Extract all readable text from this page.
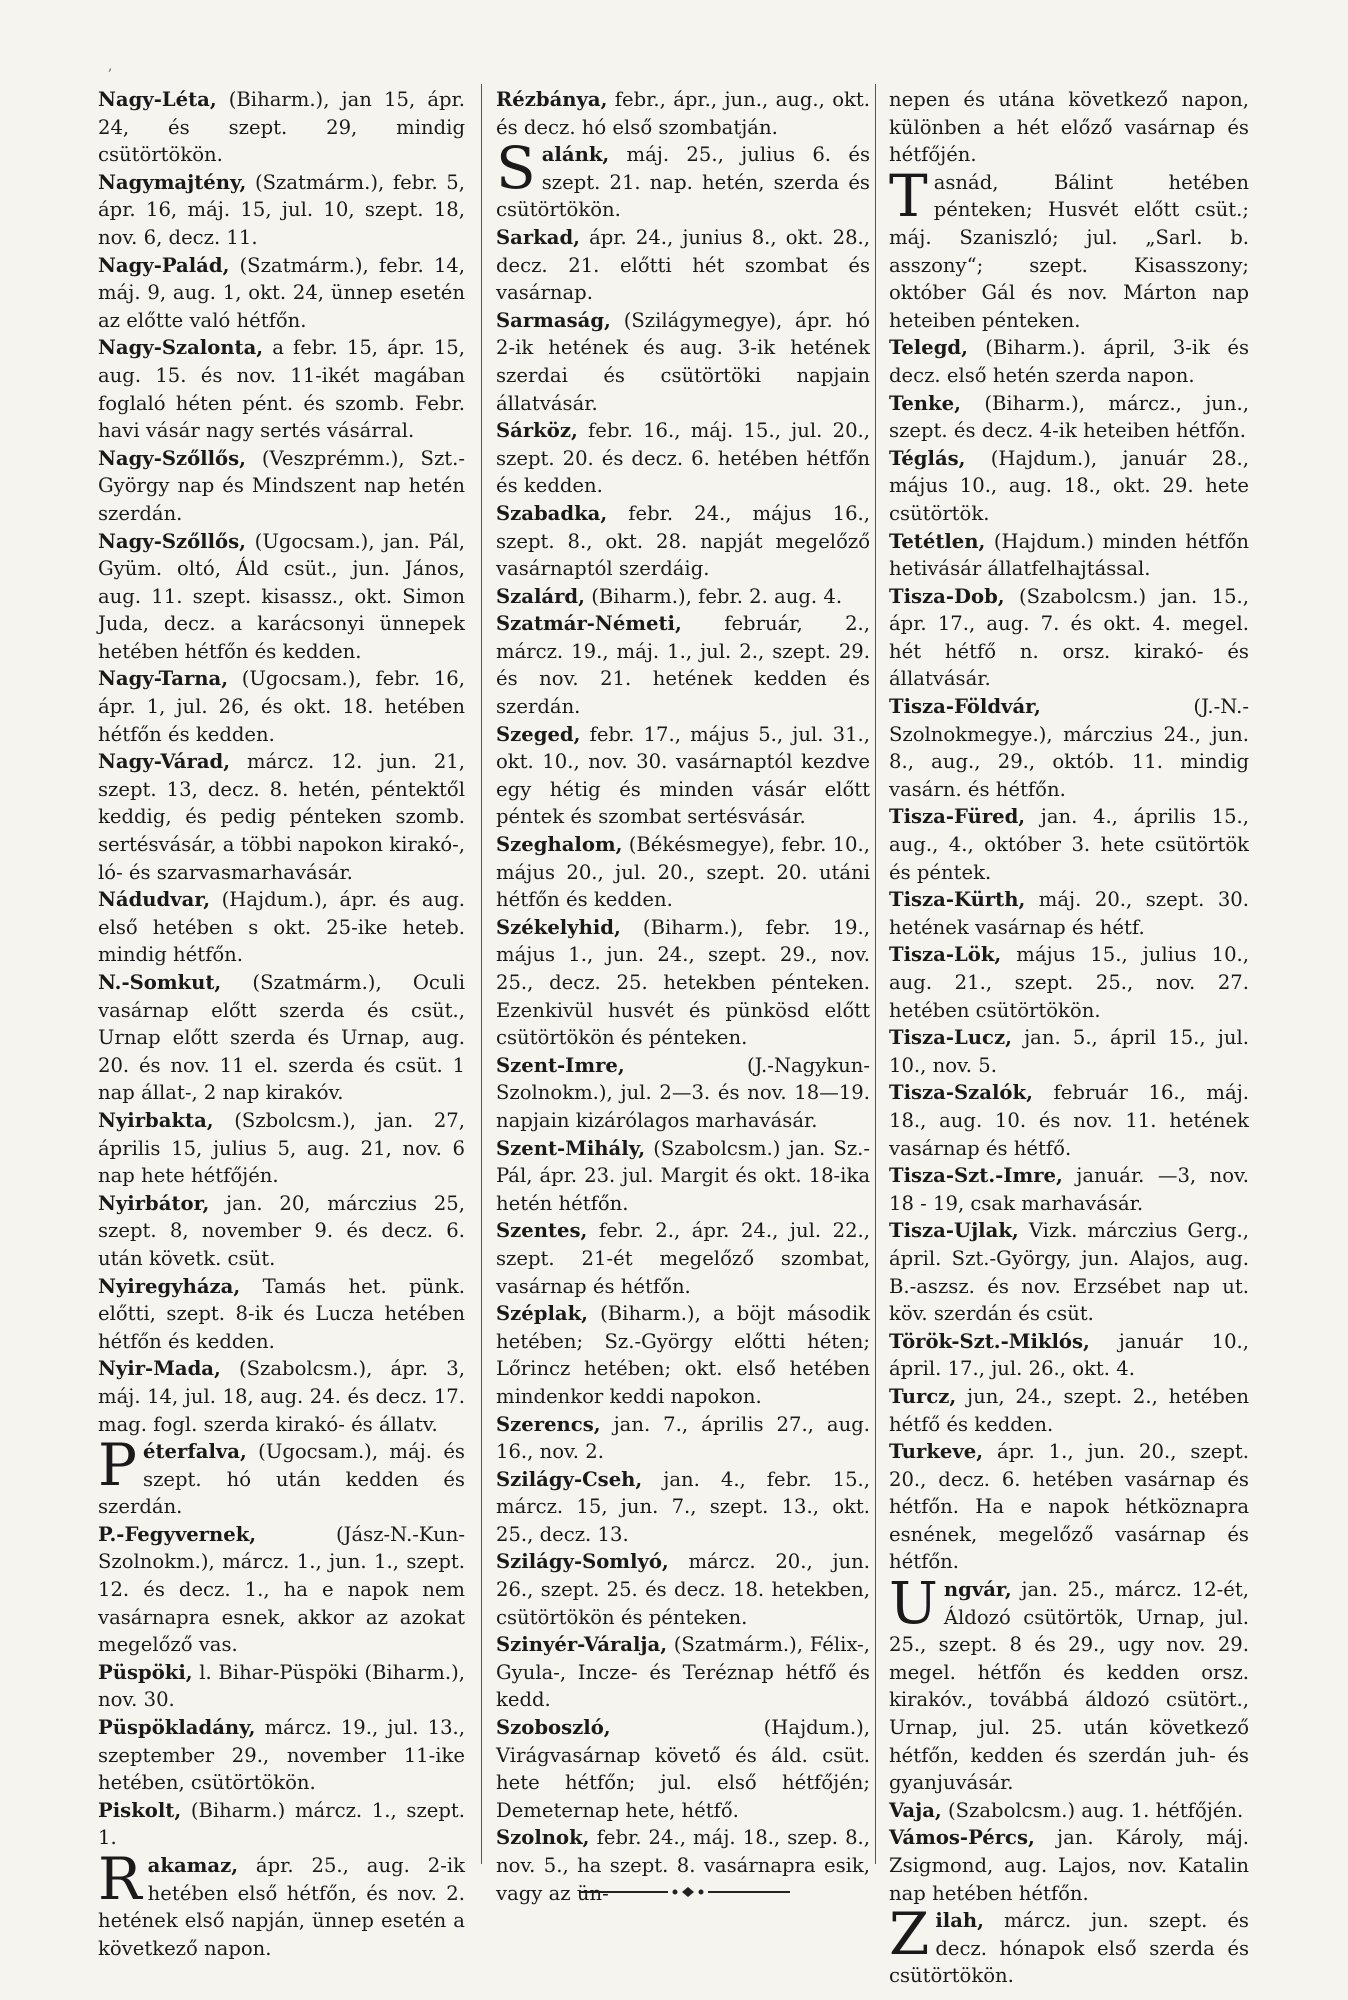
,

Nagy-Léta, (Biharm.), jan 15, ápr. 24, és szept. 29, mindig csütörtökön.

Nagymajtény, (Szatmárm.), febr. 5, ápr. 16, máj. 15, jul. 10, szept. 18, nov. 6, decz. 11.

Nagy-Palád, (Szatmárm.), febr. 14, máj. 9, aug. 1, okt. 24, ünnep esetén az előtte való hétfőn.

Nagy-Szalonta, a febr. 15, ápr. 15, aug. 15. és nov. 11-ikét magában foglaló héten pént. és szomb. Febr. havi vásár nagy sertés vásárral.

Nagy-Szőllős, (Veszprémm.), Szt.-György nap és Mindszent nap hetén szerdán.

Nagy-Szőllős, (Ugocsam.), jan. Pál, Gyüm. oltó, Áld csüt., jun. János, aug. 11. szept. kisassz., okt. Simon Juda, decz. a karácsonyi ünnepek hetében hétfőn és kedden.

Nagy-Tarna, (Ugocsam.), febr. 16, ápr. 1, jul. 26, és okt. 18. hetében hétfőn és kedden.

Nagy-Várad, márcz. 12. jun. 21, szept. 13, decz. 8. hetén, péntektől keddig, és pedig pénteken szomb. sertésvásár, a többi napokon kirakó-, ló- és szarvasmarhavásár.

Nádudvar, (Hajdum.), ápr. és aug. első hetében s okt. 25-ike heteb. mindig hétfőn.

N.-Somkut, (Szatmárm.), Oculi vasárnap előtt szerda és csüt., Urnap előtt szerda és Urnap, aug. 20. és nov. 11 el. szerda és csüt. 1 nap állat-, 2 nap kirakóv.

Nyirbakta, (Szbolcsm.), jan. 27, április 15, julius 5, aug. 21, nov. 6 nap hete hétfőjén.

Nyirbátor, jan. 20, márczius 25, szept. 8, november 9. és decz. 6. után követk. csüt.

Nyiregyháza, Tamás het. pünk. előtti, szept. 8-ik és Lucza hetében hétfőn és kedden.

Nyir-Mada, (Szabolcsm.), ápr. 3, máj. 14, jul. 18, aug. 24. és decz. 17. mag. fogl. szerda kirakó- és állatv.

Péterfalva, (Ugocsam.), máj. és szept. hó után kedden és szerdán.

P.-Fegyvernek,	(Jász-N.-Kun-Szolnokm.), márcz. 1., jun. 1., szept. 12. és decz. 1., ha e napok nem vasárnapra esnek, akkor az azokat megelőző vas.

Püspöki, l. Bihar-Püspöki (Biharm.), nov. 30.

Püspökladány, márcz. 19., jul. 13., szeptember 29., november 11-ike hetében, csütörtökön.

Piskolt, (Biharm.) márcz. 1., szept. 1.

Rakamaz, ápr. 25., aug. 2-ik hetében első hétfőn, és nov. 2. hetének első napján, ünnep esetén a következő napon.

Rézbánya, febr., ápr., jun., aug., okt. és decz. hó első szombatján.

Salánk, máj. 25., julius 6. és szept. 21. nap. hetén, szerda és csütörtökön.

Sarkad, ápr. 24., junius 8., okt. 28., decz. 21. előtti hét szombat és vasárnap.

Sarmaság, (Szilágymegye), ápr. hó 2-ik hetének és aug. 3-ik hetének szerdai és csütörtöki napjain állatvásár.

Sárköz, febr. 16., máj. 15., jul. 20., szept. 20. és decz. 6. hetében hétfőn és kedden.

Szabadka, febr. 24., május 16., szept. 8., okt. 28. napját megelőző vasárnaptól szerdáig.

Szalárd, (Biharm.), febr. 2. aug. 4.

Szatmár-Németi, február, 2., márcz. 19., máj. 1., jul. 2., szept. 29. és nov. 21. hetének kedden és szerdán.

Szeged, febr. 17., május 5., jul. 31., okt. 10., nov. 30. vasárnaptól kezdve egy hétig és minden vásár előtt péntek és szombat sertésvásár.

Szeghalom, (Békésmegye), febr. 10., május 20., jul. 20., szept. 20. utáni hétfőn és kedden.

Székelyhid, (Biharm.), febr. 19., május 1., jun. 24., szept. 29., nov. 25., decz. 25. hetekben pénteken. Ezenkivül husvét és pünkösd előtt csütörtökön és pénteken.

Szent-Imre,	(J.-Nagykun-Szolnokm.), jul. 2—3. és nov. 18—19. napjain kizárólagos marhavásár.

Szent-Mihály, (Szabolcsm.) jan. Sz.-Pál, ápr. 23. jul. Margit és okt. 18-ika hetén hétfőn.

Szentes, febr. 2., ápr. 24., jul. 22., szept. 21-ét megelőző szombat, vasárnap és hétfőn.

Széplak, (Biharm.), a böjt második hetében; Sz.-György előtti héten; Lőrincz hetében; okt. első hetében mindenkor keddi napokon.

Szerencs, jan. 7., április 27., aug. 16., nov. 2.

Szilágy-Cseh, jan. 4., febr. 15., márcz. 15, jun. 7., szept. 13., okt. 25., decz. 13.

Szilágy-Somlyó, márcz. 20., jun. 26., szept. 25. és decz. 18. hetekben, csütörtökön és pénteken.

Szinyér-Váralja, (Szatmárm.), Félix-, Gyula-, Incze- és Teréznap hétfő és kedd.

Szoboszló,	(Hajdum.), Virágvasárnap követő és áld. csüt. hete hétfőn; jul. első hétfőjén; Demeternap hete, hétfő.

Szolnok, febr. 24., máj. 18., szep. 8., nov. 5., ha szept. 8. vasárnapra esik, vagy az ün-

nepen és utána következő napon, különben a hét előző vasárnap és hétfőjén.

Tasnád, Bálint hetében pénteken; Husvét előtt csüt.; máj. Szaniszló; jul. „Sarl. b. asszony“; szept. Kisasszony; október Gál és nov. Márton nap heteiben pénteken.

Telegd, (Biharm.). ápril, 3-ik és decz. első hetén szerda napon.

Tenke, (Biharm.), márcz., jun., szept. és decz. 4-ik heteiben hétfőn.

Téglás, (Hajdum.), január 28., május 10., aug. 18., okt. 29. hete csütörtök.

Tetétlen, (Hajdum.) minden hétfőn hetivásár állatfelhajtással.

Tisza-Dob, (Szabolcsm.) jan. 15., ápr. 17., aug. 7. és okt. 4. megel. hét hétfő n. orsz. kirakó- és állatvásár.

Tisza-Földvár,	(J.-N.-Szolnokmegye.), márczius 24., jun. 8., aug., 29., októb. 11. mindig vasárn. és hétfőn.

Tisza-Füred, jan. 4., április 15., aug., 4., október 3. hete csütörtök és péntek.

Tisza-Kürth, máj. 20., szept. 30. hetének vasárnap és hétf.

Tisza-Lök, május 15., julius 10., aug. 21., szept. 25., nov. 27. hetében csütörtökön.

Tisza-Lucz, jan. 5., ápril 15., jul. 10., nov. 5.

Tisza-Szalók, február 16., máj. 18., aug. 10. és nov. 11. hetének vasárnap és hétfő.

Tisza-Szt.-Imre, január. —3, nov. 18 - 19, csak marhavásár.

Tisza-Ujlak, Vizk. márczius Gerg., ápril. Szt.-György, jun. Alajos, aug. B.-aszsz. és nov. Erzsébet nap ut. köv. szerdán és csüt.

Török-Szt.-Miklós, január 10., ápril. 17., jul. 26., okt. 4.

Turcz, jun, 24., szept. 2., hetében hétfő és kedden.

Turkeve, ápr. 1., jun. 20., szept. 20., decz. 6. hetében vasárnap és hétfőn. Ha e napok hétköznapra esnének, megelőző vasárnap és hétfőn.

Ungvár, jan. 25., márcz. 12-ét, Áldozó csütörtök, Urnap, jul. 25., szept. 8 és 29., ugy nov. 29. megel. hétfőn és kedden orsz. kirakóv., továbbá áldozó csütört., Urnap, jul. 25. után következő hétfőn, kedden és szerdán juh- és gyanjuvásár.

Vaja, (Szabolcsm.) aug. 1. hétfőjén.

Vámos-Pércs, jan. Károly, máj. Zsigmond, aug. Lajos, nov. Katalin nap hetében hétfőn.

Zilah, márcz. jun. szept. és decz. hónapok első szerda és csütörtökön.
